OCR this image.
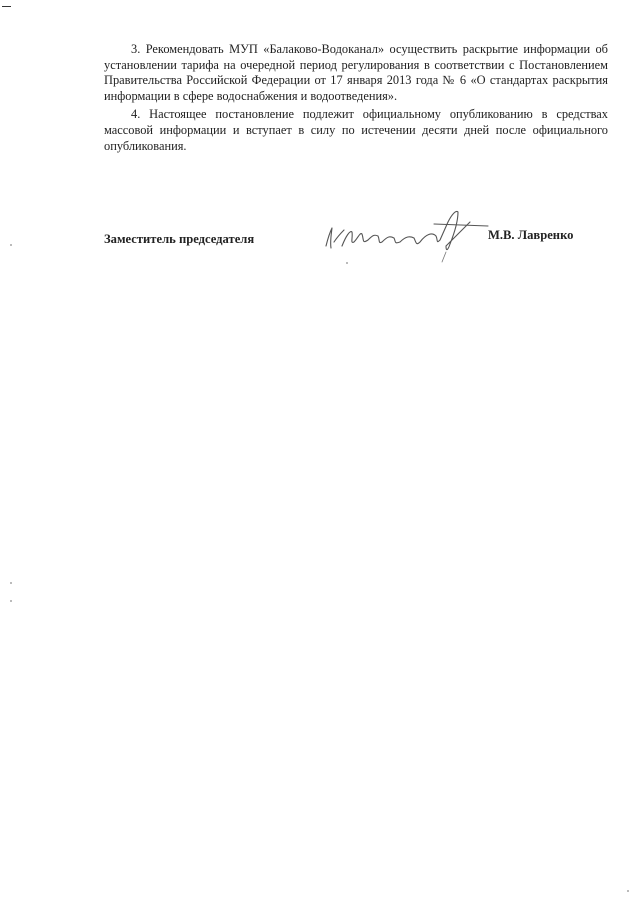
3. Рекомендовать МУП «Балаково-Водоканал» осуществить раскрытие информации об установлении тарифа на очередной период регулирования в соответствии с Постановлением Правительства Российской Федерации от 17 января 2013 года № 6 «О стандартах раскрытия информации в сфере водоснабжения и водоотведения».

4. Настоящее постановление подлежит официальному опубликованию в средствах массовой информации и вступает в силу по истечении десяти дней после официального опубликования.

Заместитель председателя	М.В. Лавренко
